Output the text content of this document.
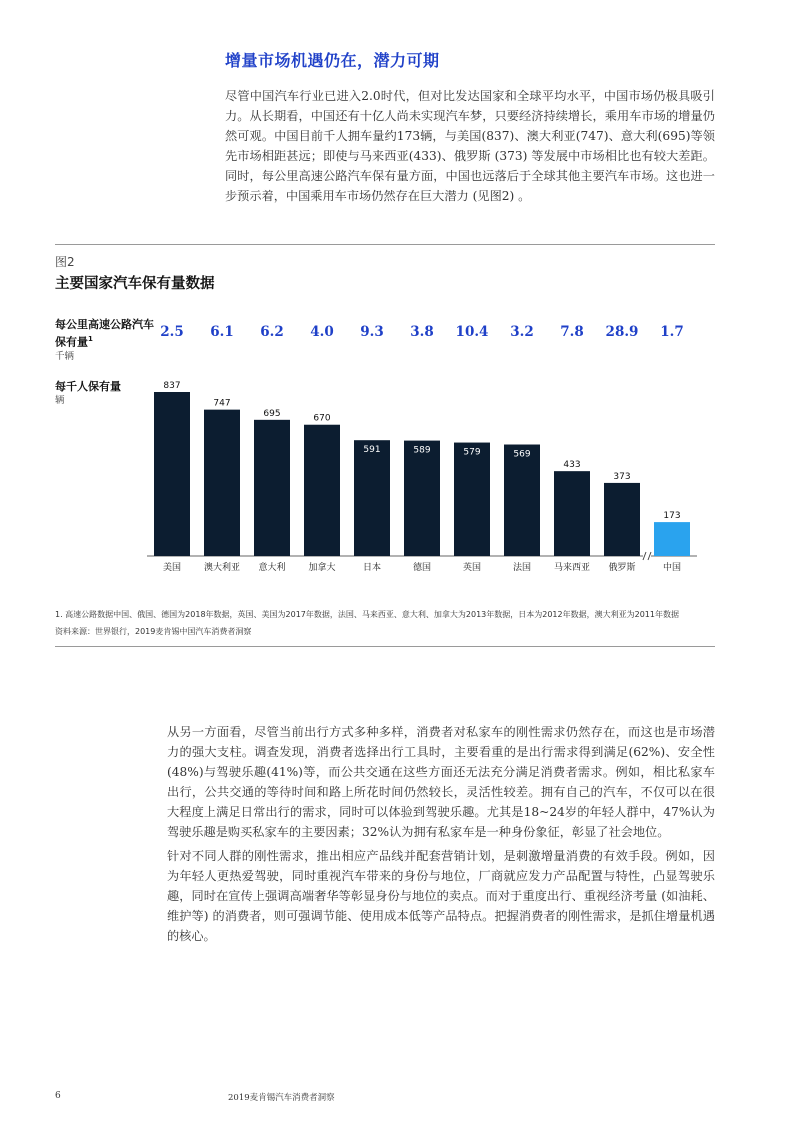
增量市场机遇仍在，潜力可期
尽管中国汽车行业已进入2.0时代，但对比发达国家和全球平均水平，中国市场仍极具吸引力。从长期看，中国还有十亿人尚未实现汽车梦，只要经济持续增长，乘用车市场的增量仍然可观。中国目前千人拥车量约173辆，与美国(837)、澳大利亚(747)、意大利(695)等领先市场相距甚远；即使与马来西亚(433)、俄罗斯 (373) 等发展中市场相比也有较大差距。同时，每公里高速公路汽车保有量方面，中国也远落后于全球其他主要汽车市场。这也进一步预示着，中国乘用车市场仍然存在巨大潜力 (见图2) 。
图2
主要国家汽车保有量数据
每公里高速公路汽车保有量$^1$
千辆
2.5	6.1	6.2	4.0	9.3	3.8	10.4	3.2	7.8	28.9	1.7
每千人保有量
辆
837
美国
747
澳大利亚
695
意大利
670
加拿大
591
日本
589
德国
579
英国
569
法国
433
马来西亚
373
俄罗斯
173
中国
1. 高速公路数据中国、俄国、德国为2018年数据，英国、美国为2017年数据，法国、马来西亚、意大利、加拿大为2013年数据，日本为2012年数据，澳大利亚为2011年数据
资料来源：世界银行，2019麦肯锡中国汽车消费者洞察
从另一方面看，尽管当前出行方式多种多样，消费者对私家车的刚性需求仍然存在，而这也是市场潜力的强大支柱。调查发现，消费者选择出行工具时，主要看重的是出行需求得到满足(62%)、安全性(48%)与驾驶乐趣(41%)等，而公共交通在这些方面还无法充分满足消费者需求。例如，相比私家车出行，公共交通的等待时间和路上所花时间仍然较长，灵活性较差。拥有自己的汽车，不仅可以在很大程度上满足日常出行的需求，同时可以体验到驾驶乐趣。尤其是18~24岁的年轻人群中，47%认为驾驶乐趣是购买私家车的主要因素；32%认为拥有私家车是一种身份象征，彰显了社会地位。
针对不同人群的刚性需求，推出相应产品线并配套营销计划，是刺激增量消费的有效手段。例如，因为年轻人更热爱驾驶，同时重视汽车带来的身份与地位，厂商就应发力产品配置与特性，凸显驾驶乐趣，同时在宣传上强调高端奢华等彰显身份与地位的卖点。而对于重度出行、重视经济考量 (如油耗、维护等) 的消费者，则可强调节能、使用成本低等产品特点。把握消费者的刚性需求，是抓住增量机遇的核心。
6	2019麦肯锡汽车消费者洞察
